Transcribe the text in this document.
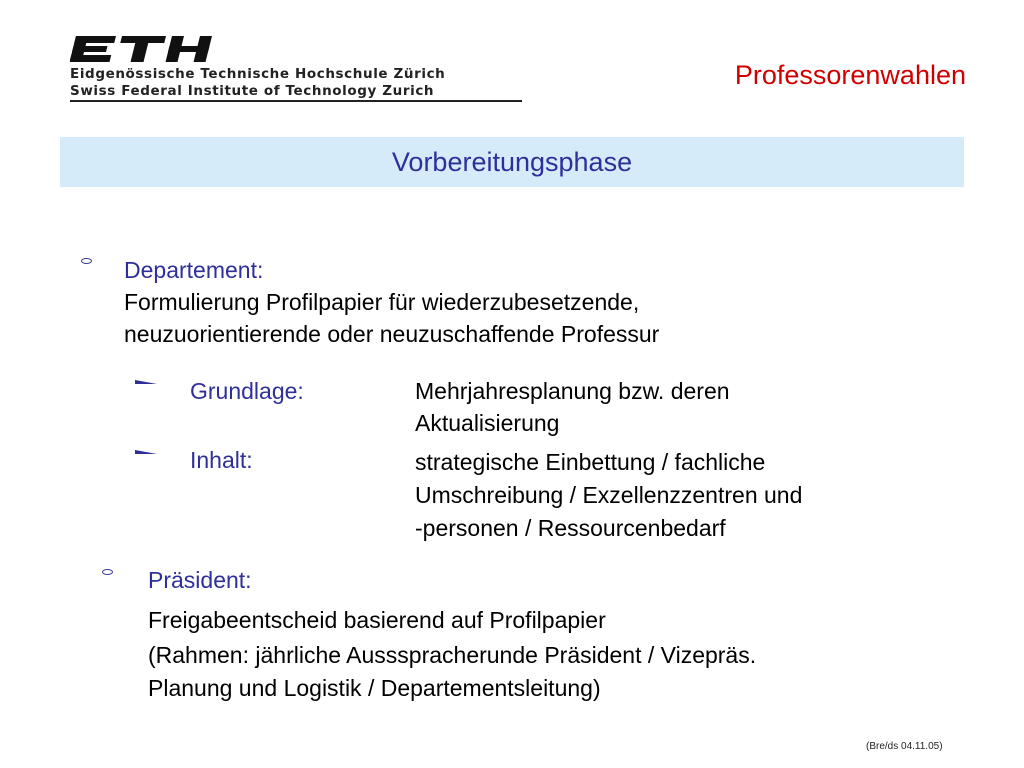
Eidgenössische Technische Hochschule Zürich
Swiss Federal Institute of Technology Zurich
Professorenwahlen
Vorbereitungsphase
Departement:
Formulierung Profilpapier für wiederzubesetzende,
neuzuorientierende oder neuzuschaffende Professur
Grundlage:	Mehrjahresplanung bzw. deren
Aktualisierung
Inhalt:	strategische Einbettung / fachliche
Umschreibung / Exzellenzzentren und
-personen / Ressourcenbedarf
Präsident:
Freigabeentscheid basierend auf Profilpapier
(Rahmen: jährliche Aussspracherunde Präsident / Vizepräs.
Planung und Logistik / Departementsleitung)
(Bre/ds 04.11.05)
